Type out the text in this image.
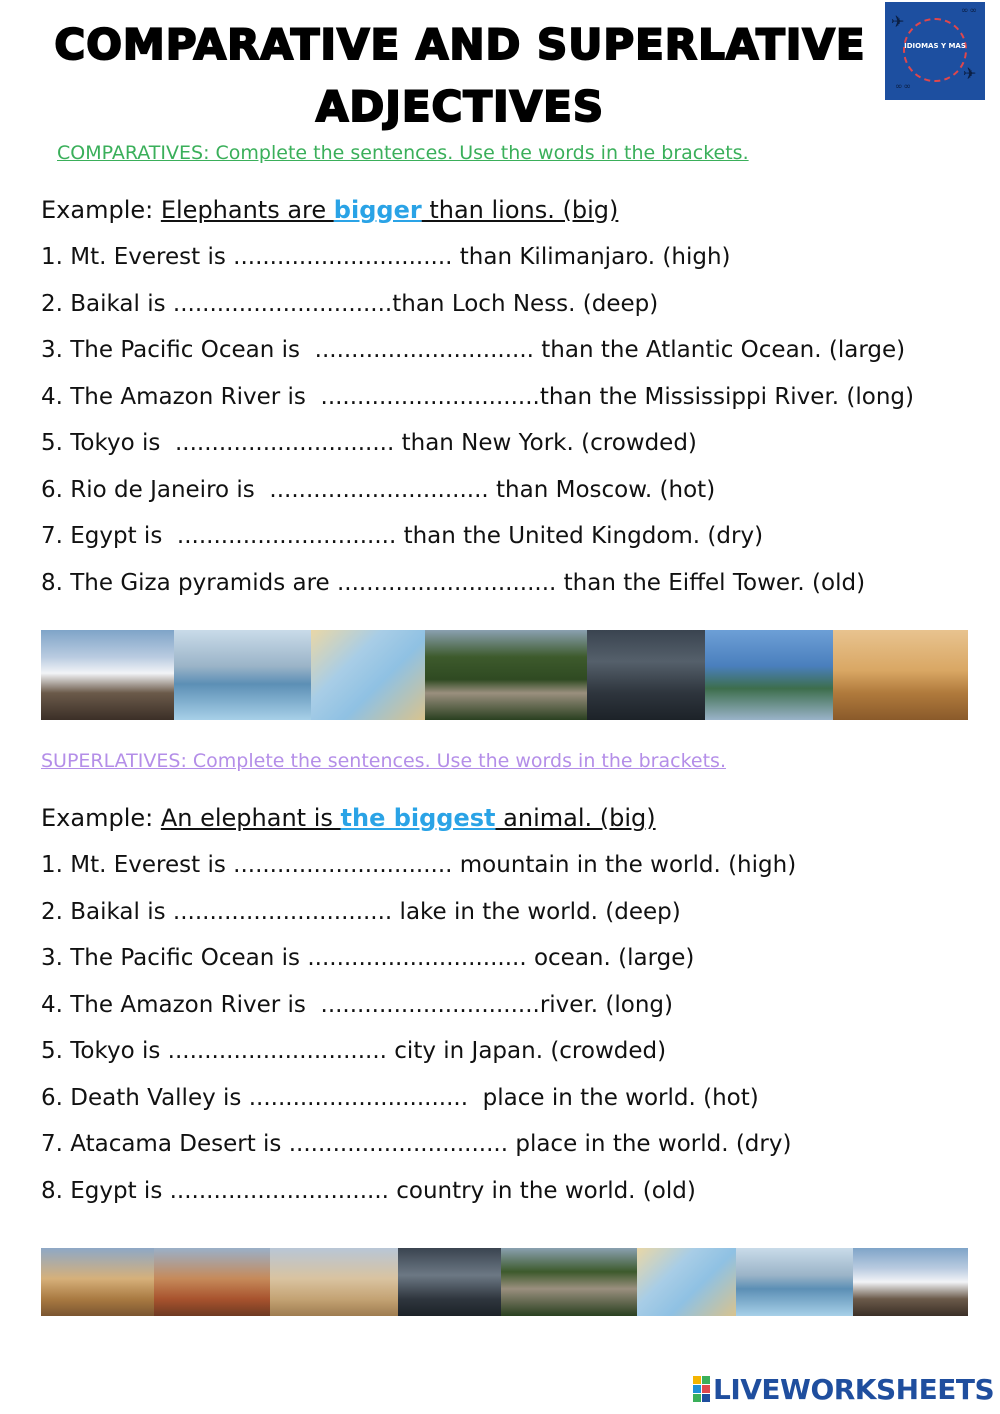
COMPARATIVE AND SUPERLATIVE
ADJECTIVES
IDIOMAS Y MAS
✈
✈
∞∞
∞∞
COMPARATIVES: Complete the sentences. Use the words in the brackets.
Example: Elephants are bigger than lions. (big)
1. Mt. Everest is .............................. than Kilimanjaro. (high)
2. Baikal is ..............................than Loch Ness. (deep)
3. The Pacific Ocean is  .............................. than the Atlantic Ocean. (large)
4. The Amazon River is  ..............................than the Mississippi River. (long)
5. Tokyo is  .............................. than New York. (crowded)
6. Rio de Janeiro is  .............................. than Moscow. (hot)
7. Egypt is  .............................. than the United Kingdom. (dry)
8. The Giza pyramids are .............................. than the Eiffel Tower. (old)
SUPERLATIVES: Complete the sentences. Use the words in the brackets.
Example: An elephant is the biggest animal. (big)
1. Mt. Everest is .............................. mountain in the world. (high)
2. Baikal is .............................. lake in the world. (deep)
3. The Pacific Ocean is .............................. ocean. (large)
4. The Amazon River is  ..............................river. (long)
5. Tokyo is .............................. city in Japan. (crowded)
6. Death Valley is ..............................  place in the world. (hot)
7. Atacama Desert is .............................. place in the world. (dry)
8. Egypt is .............................. country in the world. (old)
LIVEWORKSHEETS
